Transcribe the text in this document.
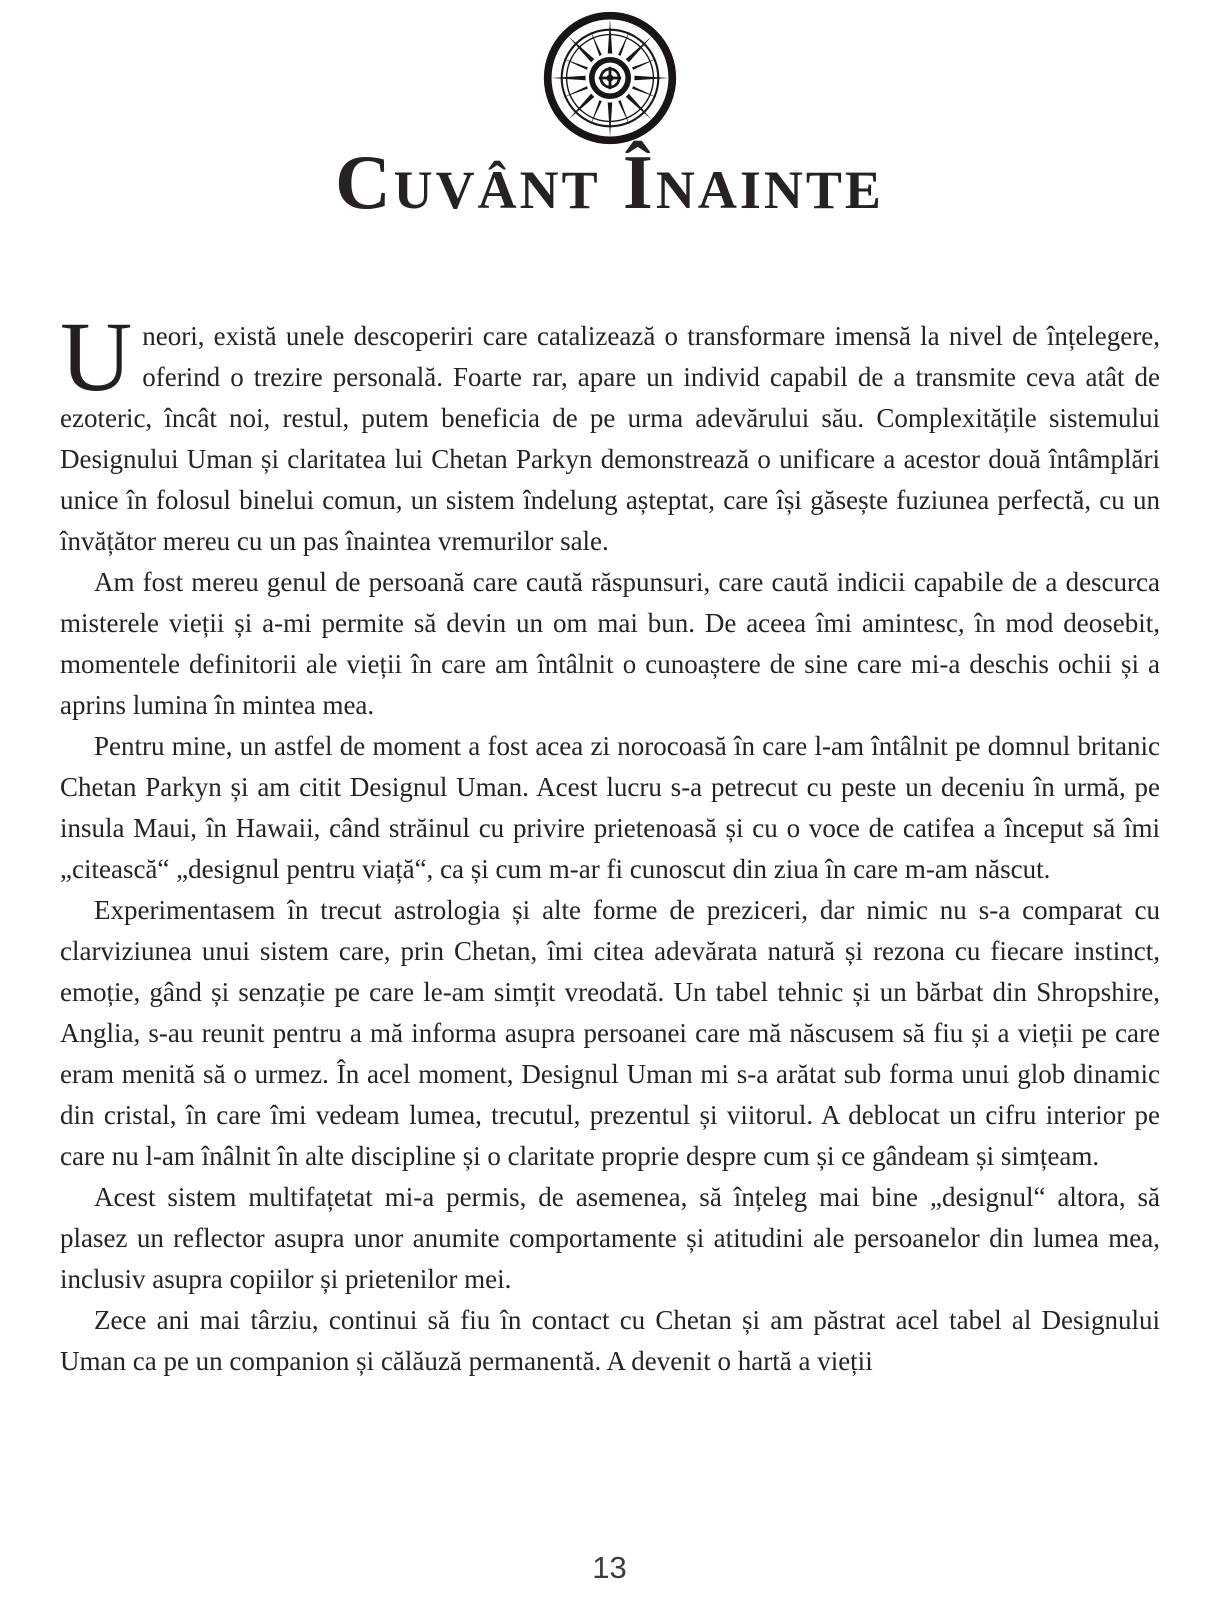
Cuvânt Înainte

Uneori, există unele descoperiri care catalizează o transformare imensă la nivel de înțelegere, oferind o trezire personală. Foarte rar, apare un individ capabil de a transmite ceva atât de ezoteric, încât noi, restul, putem beneficia de pe urma adevărului său. Complexitățile sistemului Designului Uman și claritatea lui Chetan Parkyn demonstrează o unificare a acestor două întâmplări unice în folosul binelui comun, un sistem îndelung așteptat, care își găsește fuziunea perfectă, cu un învățător mereu cu un pas înaintea vremurilor sale.

Am fost mereu genul de persoană care caută răspunsuri, care caută indicii capabile de a descurca misterele vieții și a-mi permite să devin un om mai bun. De aceea îmi amintesc, în mod deosebit, momentele definitorii ale vieții în care am întâlnit o cunoaștere de sine care mi-a deschis ochii și a aprins lumina în mintea mea.

Pentru mine, un astfel de moment a fost acea zi norocoasă în care l-am întâlnit pe domnul britanic Chetan Parkyn și am citit Designul Uman. Acest lucru s-a petrecut cu peste un deceniu în urmă, pe insula Maui, în Hawaii, când străinul cu privire prietenoasă și cu o voce de catifea a început să îmi „citească“ „designul pentru viață“, ca și cum m-ar fi cunoscut din ziua în care m-am născut.

Experimentasem în trecut astrologia și alte forme de preziceri, dar nimic nu s-a comparat cu clarviziunea unui sistem care, prin Chetan, îmi citea adevărata natură și rezona cu fiecare instinct, emoție, gând și senzație pe care le-am simțit vreodată. Un tabel tehnic și un bărbat din Shropshire, Anglia, s-au reunit pentru a mă informa asupra persoanei care mă născusem să fiu și a vieții pe care eram menită să o urmez. În acel moment, Designul Uman mi s-a arătat sub forma unui glob dinamic din cristal, în care îmi vedeam lumea, trecutul, prezentul și viitorul. A deblocat un cifru interior pe care nu l-am înâlnit în alte discipline și o claritate proprie despre cum și ce gândeam și simțeam.

Acest sistem multifațetat mi-a permis, de asemenea, să înțeleg mai bine „designul“ altora, să plasez un reflector asupra unor anumite comportamente și atitudini ale persoanelor din lumea mea, inclusiv asupra copiilor și prietenilor mei.

Zece ani mai târziu, continui să fiu în contact cu Chetan și am păstrat acel tabel al Designului Uman ca pe un companion și călăuză permanentă. A devenit o hartă a vieții

13
